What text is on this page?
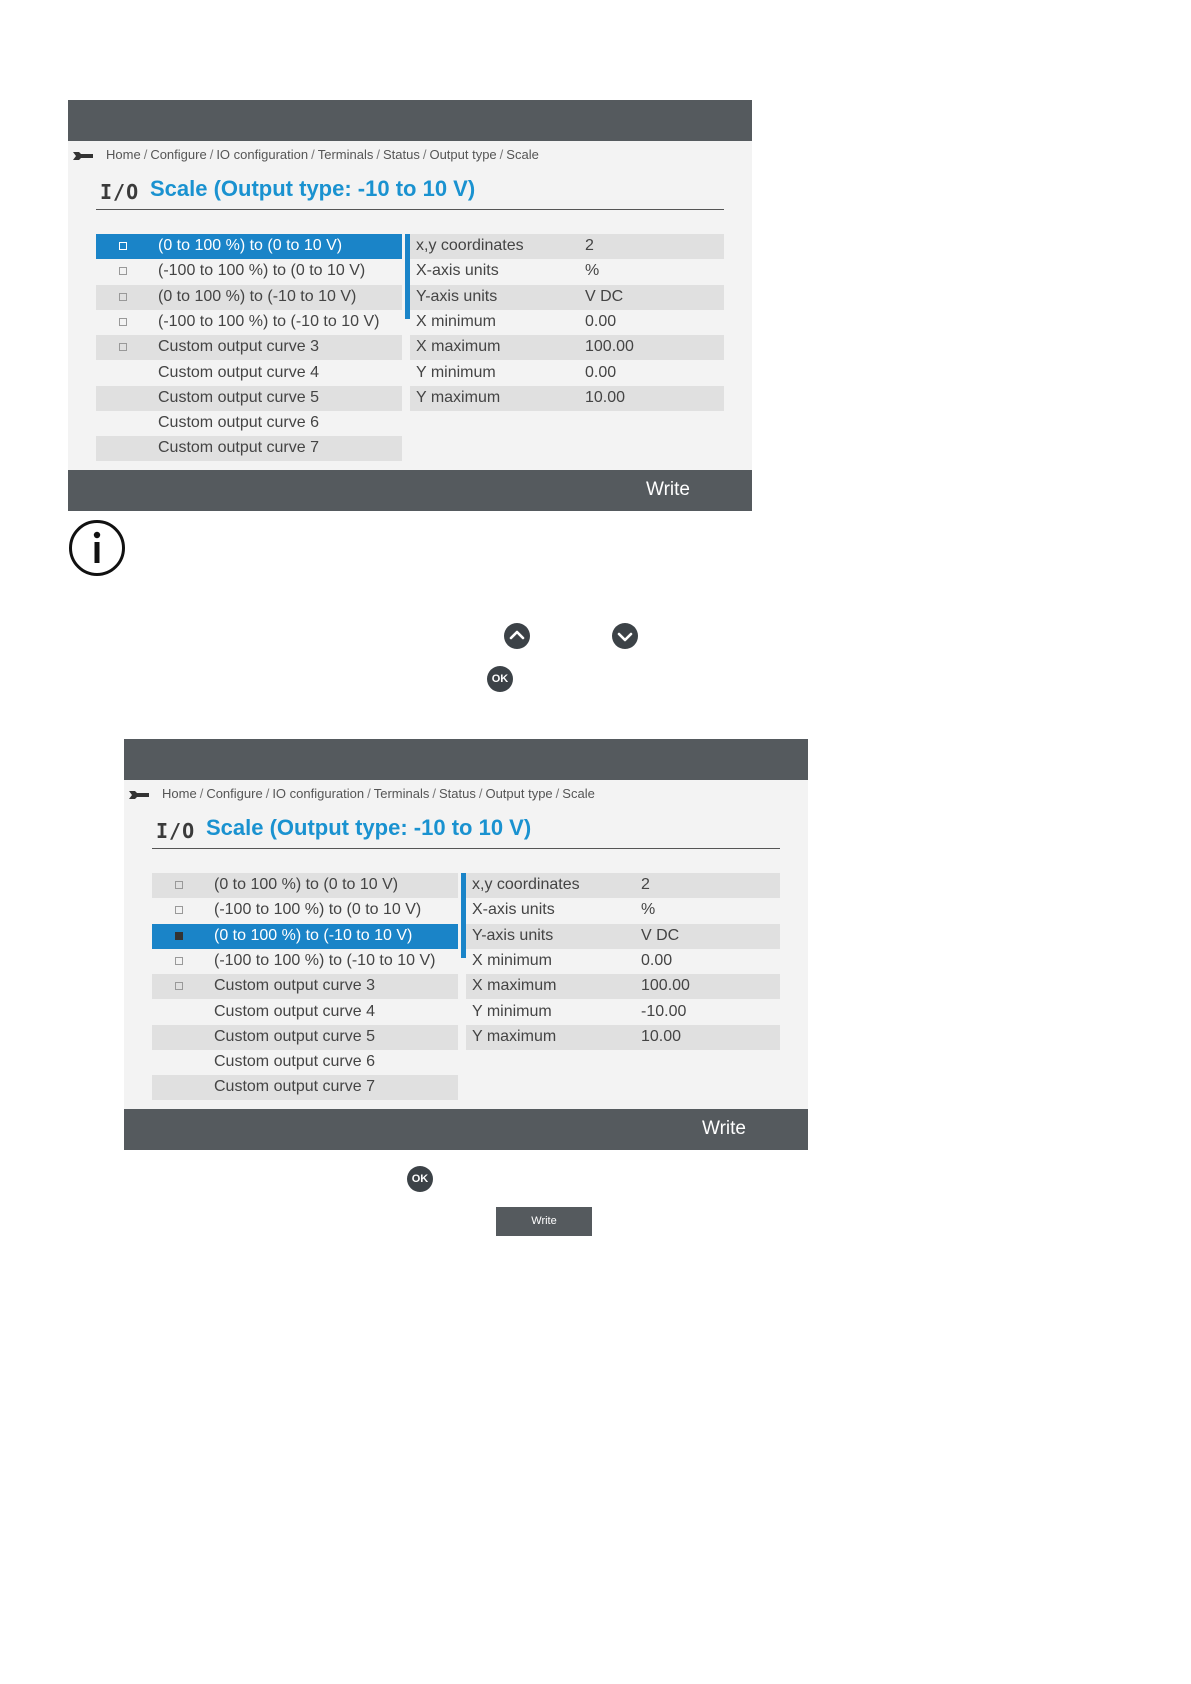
Home / Configure / IO configuration / Terminals / Status / Output type / Scale
I/O Scale (Output type: -10 to 10 V)
(0 to 100 %) to (0 to 10 V)
(-100 to 100 %) to (0 to 10 V)
(0 to 100 %) to (-10 to 10 V)
(-100 to 100 %) to (-10 to 10 V)
Custom output curve 3
Custom output curve 4
Custom output curve 5
Custom output curve 6
Custom output curve 7
x,y coordinates	2
X-axis units	%
Y-axis units	V DC
X minimum	0.00
X maximum	100.00
Y minimum	0.00
Y maximum	10.00
Write
OK
Home / Configure / IO configuration / Terminals / Status / Output type / Scale
I/O Scale (Output type: -10 to 10 V)
(0 to 100 %) to (0 to 10 V)
(-100 to 100 %) to (0 to 10 V)
(0 to 100 %) to (-10 to 10 V)
(-100 to 100 %) to (-10 to 10 V)
Custom output curve 3
Custom output curve 4
Custom output curve 5
Custom output curve 6
Custom output curve 7
x,y coordinates	2
X-axis units	%
Y-axis units	V DC
X minimum	0.00
X maximum	100.00
Y minimum	-10.00
Y maximum	10.00
Write
OK
Write
